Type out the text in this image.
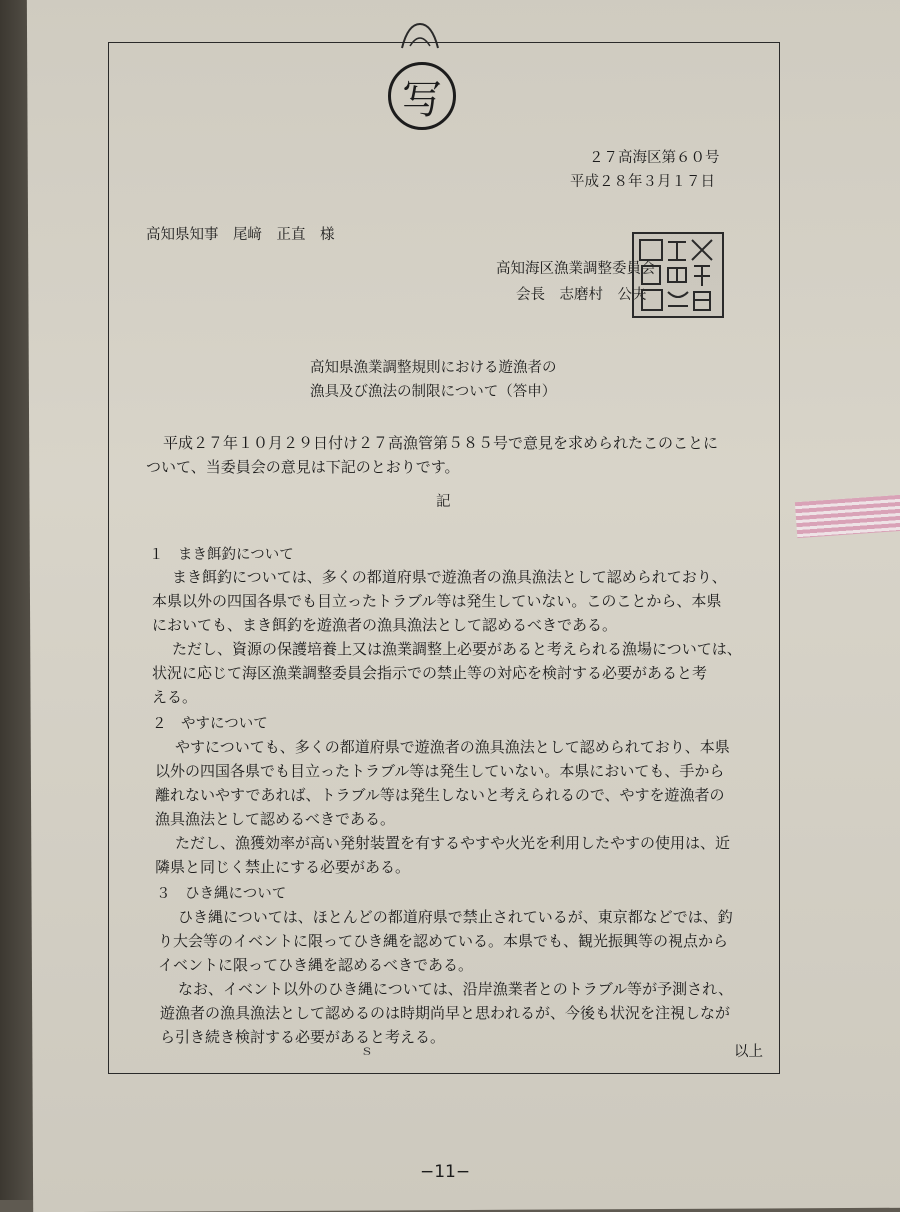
写
２７高海区第６０号
平成２８年３月１７日
高知県知事　尾﨑　正直　様
高知海区漁業調整委員会
会長　志磨村　公夫
高知県漁業調整規則における遊漁者の
漁具及び漁法の制限について（答申）
平成２７年１０月２９日付け２７高漁管第５８５号で意見を求められたこのことに
ついて、当委員会の意見は下記のとおりです。
記
１　まき餌釣について
まき餌釣については、多くの都道府県で遊漁者の漁具漁法として認められており、
本県以外の四国各県でも目立ったトラブル等は発生していない。このことから、本県
においても、まき餌釣を遊漁者の漁具漁法として認めるべきである。
ただし、資源の保護培養上又は漁業調整上必要があると考えられる漁場については、
状況に応じて海区漁業調整委員会指示での禁止等の対応を検討する必要があると考
える。
２　やすについて
やすについても、多くの都道府県で遊漁者の漁具漁法として認められており、本県
以外の四国各県でも目立ったトラブル等は発生していない。本県においても、手から
離れないやすであれば、トラブル等は発生しないと考えられるので、やすを遊漁者の
漁具漁法として認めるべきである。
ただし、漁獲効率が高い発射装置を有するやすや火光を利用したやすの使用は、近
隣県と同じく禁止にする必要がある。
３　ひき縄について
ひき縄については、ほとんどの都道府県で禁止されているが、東京都などでは、釣
り大会等のイベントに限ってひき縄を認めている。本県でも、観光振興等の視点から
イベントに限ってひき縄を認めるべきである。
なお、イベント以外のひき縄については、沿岸漁業者とのトラブル等が予測され、
遊漁者の漁具漁法として認めるのは時期尚早と思われるが、今後も状況を注視しなが
ら引き続き検討する必要があると考える。
ｓ	以上
−11−
